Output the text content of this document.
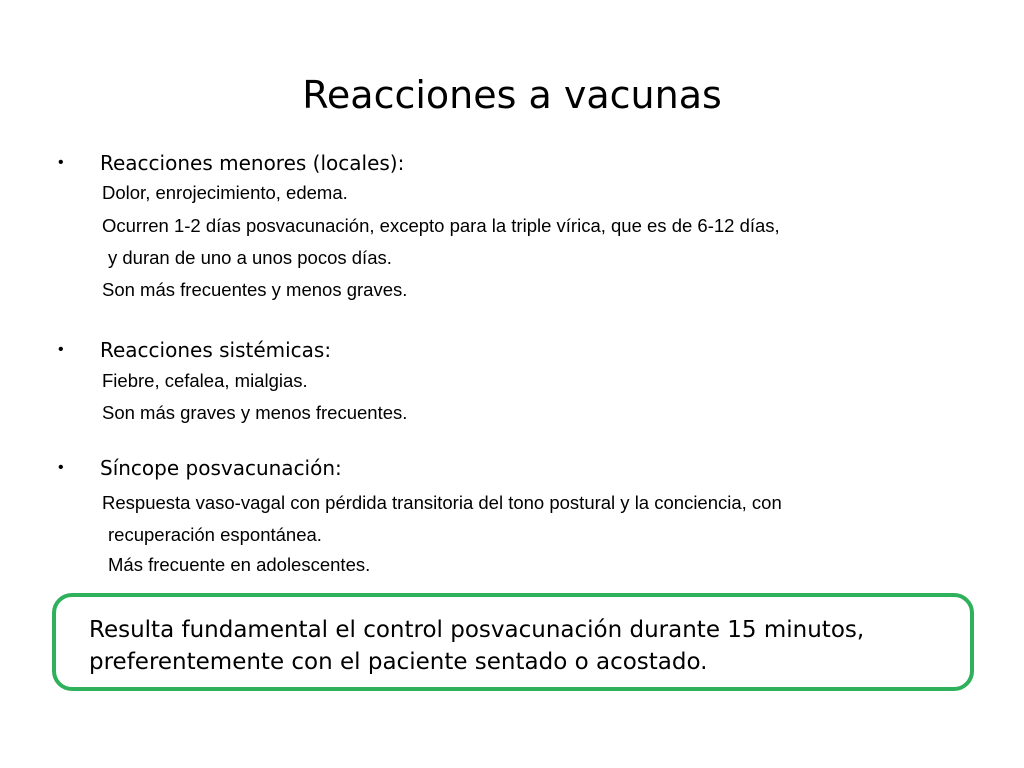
Reacciones a vacunas
• Reacciones menores (locales):
Dolor, enrojecimiento, edema.
Ocurren 1-2 días posvacunación, excepto para la triple vírica, que es de 6-12 días,
y duran de uno a unos pocos días.
Son más frecuentes y menos graves.
• Reacciones sistémicas:
Fiebre, cefalea, mialgias.
Son más graves y menos frecuentes.
• Síncope posvacunación:
Respuesta vaso-vagal con pérdida transitoria del tono postural y la conciencia, con
recuperación espontánea.
Más frecuente en adolescentes.

Resulta fundamental el control posvacunación durante 15 minutos, preferentemente con el paciente sentado o acostado.
